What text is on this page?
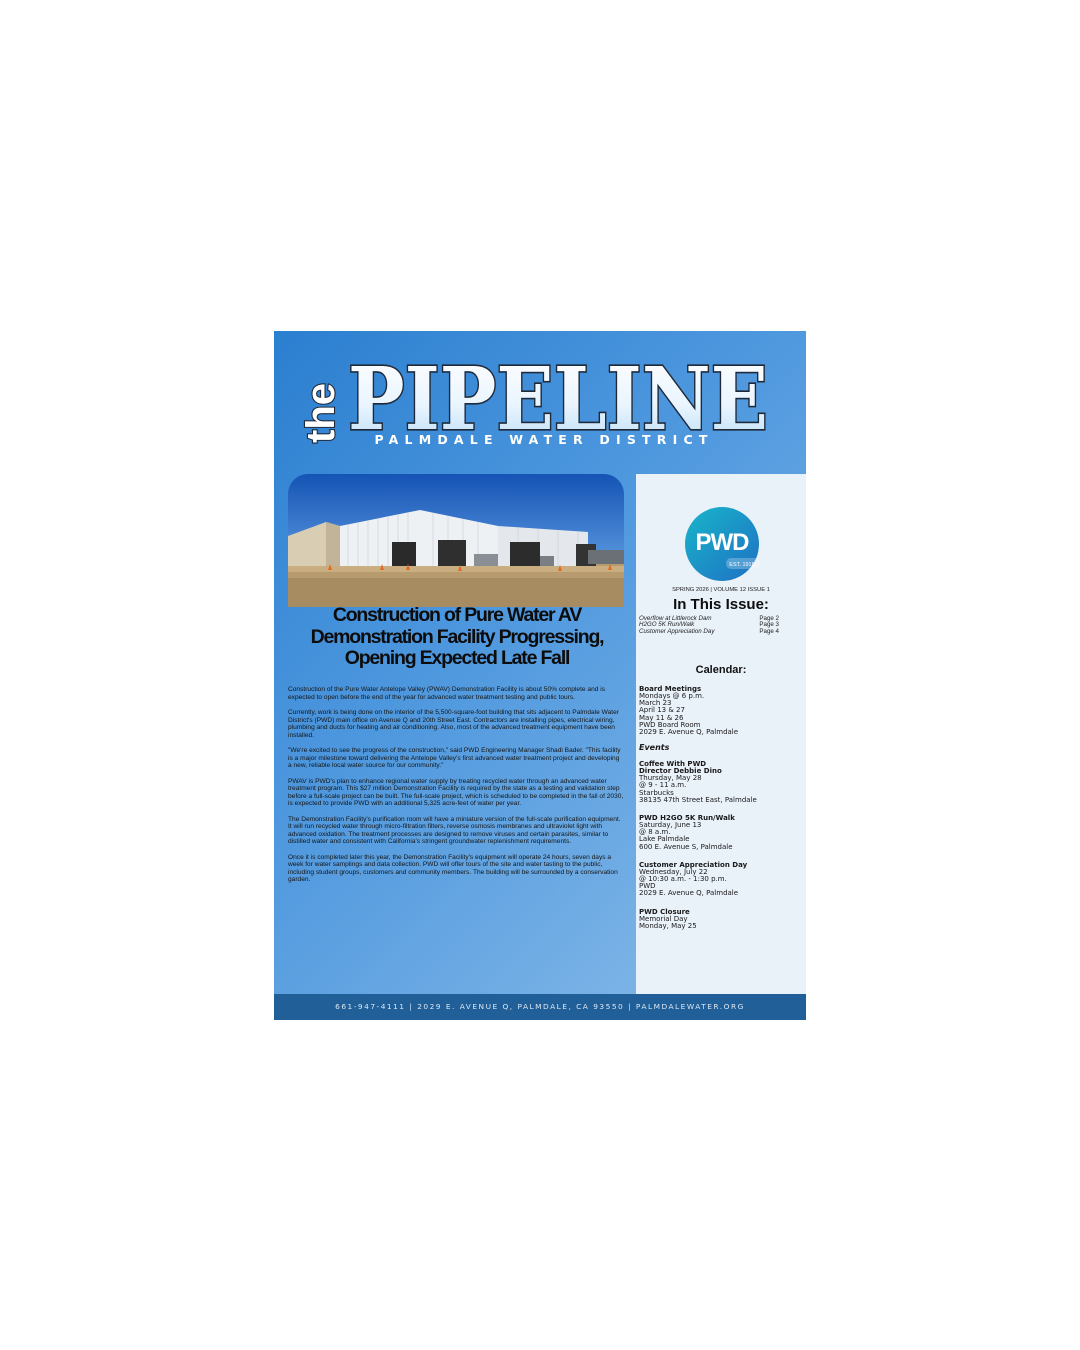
the PIPELINE
PALMDALE WATER DISTRICT
Construction of Pure Water AV
Demonstration Facility Progressing,
Opening Expected Late Fall

Construction of the Pure Water Antelope Valley (PWAV) Demonstration Facility is about 50% complete and is expected to open before the end of the year for advanced water treatment testing and public tours.

Currently, work is being done on the interior of the 5,500-square-foot building that sits adjacent to Palmdale Water District's (PWD) main office on Avenue Q and 20th Street East. Contractors are installing pipes, electrical wiring, plumbing and ducts for heating and air conditioning. Also, most of the advanced treatment equipment have been installed.

"We're excited to see the progress of the construction," said PWD Engineering Manager Shadi Bader. "This facility is a major milestone toward delivering the Antelope Valley's first advanced water treatment project and developing a new, reliable local water source for our community."

PWAV is PWD's plan to enhance regional water supply by treating recycled water through an advanced water treatment program. This $27 million Demonstration Facility is required by the state as a testing and validation step before a full-scale project can be built. The full-scale project, which is scheduled to be completed in the fall of 2030, is expected to provide PWD with an additional 5,325 acre-feet of water per year.

The Demonstration Facility's purification room will have a miniature version of the full-scale purification equipment. It will run recycled water through micro-filtration filters, reverse osmosis membranes and ultraviolet light with advanced oxidation. The treatment processes are designed to remove viruses and certain parasites, similar to distilled water and consistent with California's stringent groundwater replenishment requirements.

Once it is completed later this year, the Demonstration Facility's equipment will operate 24 hours, seven days a week for water samplings and data collection. PWD will offer tours of the site and water tasting to the public, including student groups, customers and community members. The building will be surrounded by a conservation garden.

PWD
EST. 1918
SPRING 2026 | VOLUME 12 ISSUE 1
In This Issue:
Overflow at Littlerock Dam	Page 2
H2GO 5K Run/Walk	Page 3
Customer Appreciation Day	Page 4
Calendar:
Board Meetings
Mondays @ 6 p.m.
March 23
April 13 & 27
May 11 & 26
PWD Board Room
2029 E. Avenue Q, Palmdale
Events
Coffee With PWD
Director Debbie Dino
Thursday, May 28
@ 9 - 11 a.m.
Starbucks
38135 47th Street East, Palmdale
PWD H2GO 5K Run/Walk
Saturday, June 13
@ 8 a.m.
Lake Palmdale
600 E. Avenue S, Palmdale
Customer Appreciation Day
Wednesday, July 22
@ 10:30 a.m. - 1:30 p.m.
PWD
2029 E. Avenue Q, Palmdale
PWD Closure
Memorial Day
Monday, May 25
661-947-4111 | 2029 E. AVENUE Q, PALMDALE, CA 93550 | PALMDALEWATER.ORG
